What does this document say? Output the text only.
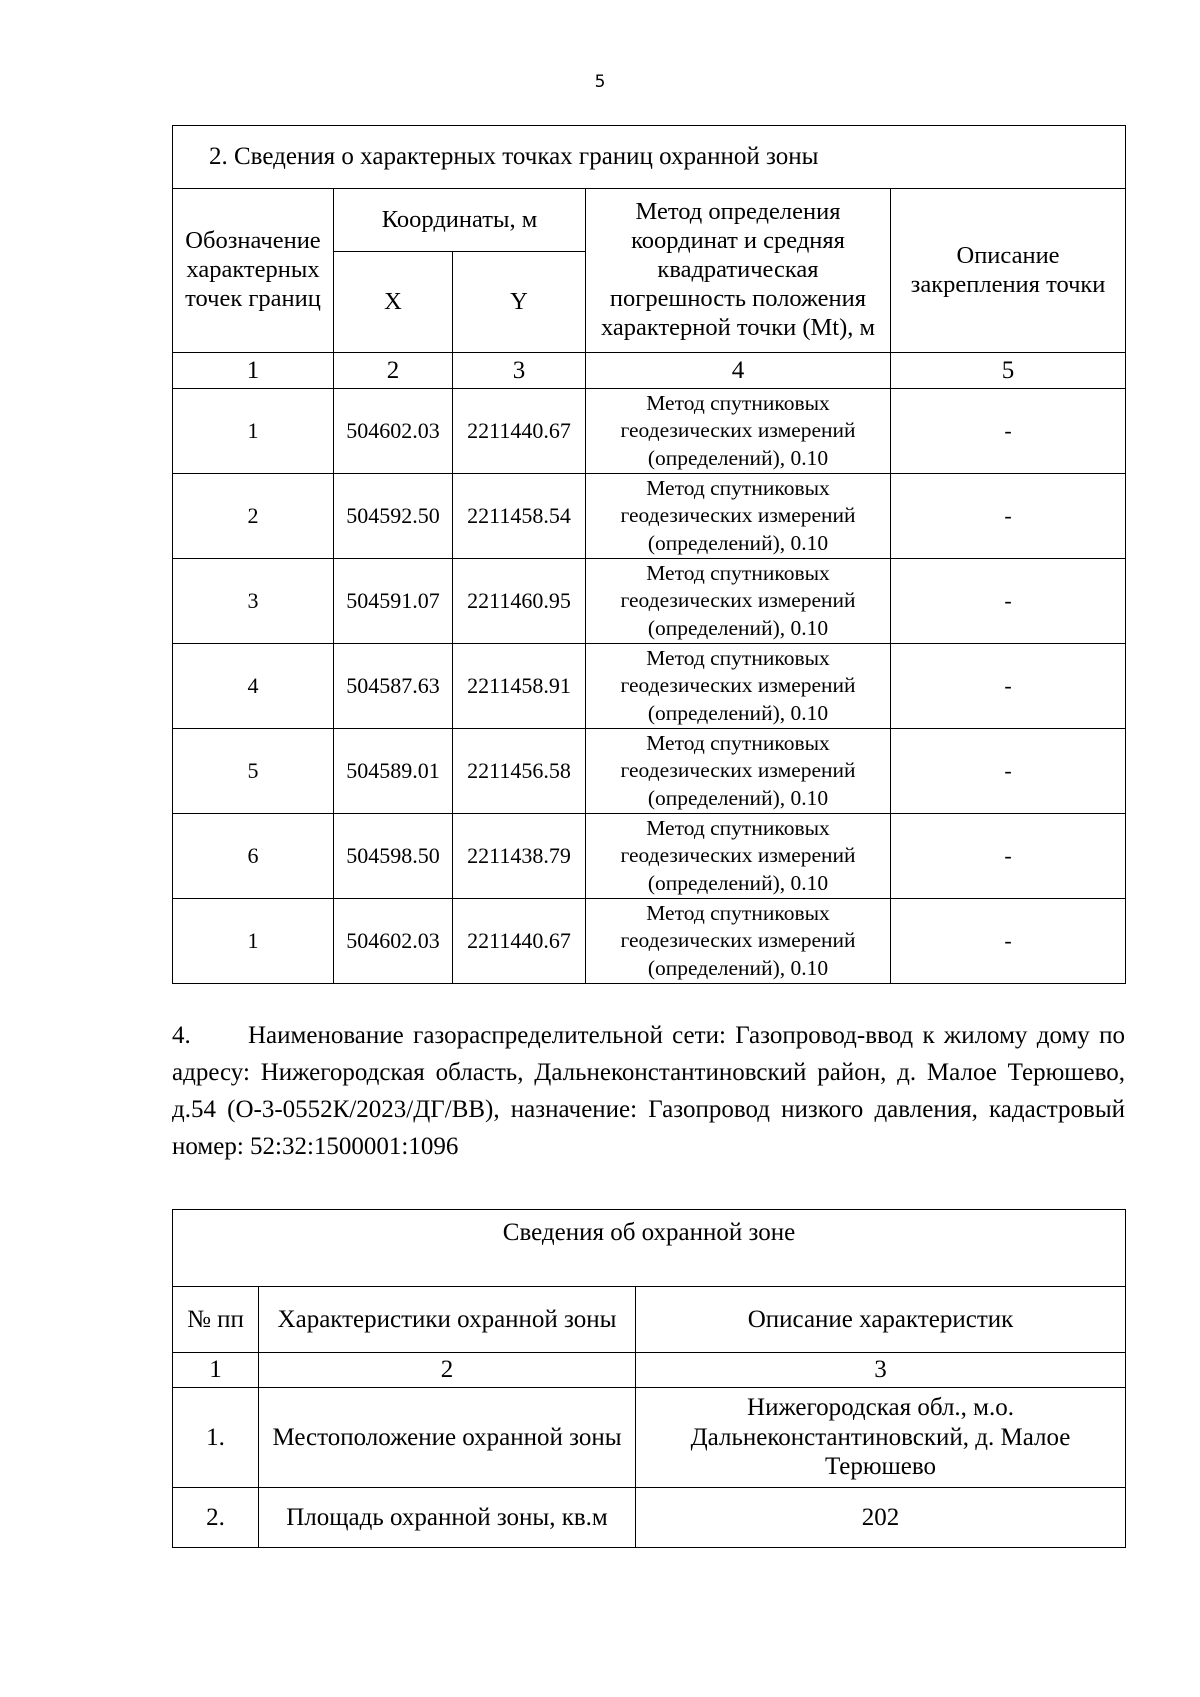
5
2. Сведения о характерных точках границ охранной зоны				
Обозначение характерных точек границ	Координаты, м		Метод определения координат и средняя квадратическая погрешность положения характерной точки (Mt), м	Описание закрепления точки
	X	Y		
1	2	3	4	5
1	504602.03	2211440.67	Метод спутниковых геодезических измерений (определений), 0.10	-
2	504592.50	2211458.54	Метод спутниковых геодезических измерений (определений), 0.10	-
3	504591.07	2211460.95	Метод спутниковых геодезических измерений (определений), 0.10	-
4	504587.63	2211458.91	Метод спутниковых геодезических измерений (определений), 0.10	-
5	504589.01	2211456.58	Метод спутниковых геодезических измерений (определений), 0.10	-
6	504598.50	2211438.79	Метод спутниковых геодезических измерений (определений), 0.10	-
1	504602.03	2211440.67	Метод спутниковых геодезических измерений (определений), 0.10	-

4. Наименование газораспределительной сети: Газопровод-ввод к жилому дому по адресу: Нижегородская область, Дальнеконстантиновский район, д. Малое Терюшево, д.54 (О-3-0552К/2023/ДГ/ВВ), назначение: Газопровод низкого давления, кадастровый номер: 52:32:1500001:1096

Сведения об охранной зоне		
№ пп	Характеристики охранной зоны	Описание характеристик
1	2	3
1.	Местоположение охранной зоны	Нижегородская обл., м.о. Дальнеконстантиновский, д. Малое Терюшево
2.	Площадь охранной зоны, кв.м	202
